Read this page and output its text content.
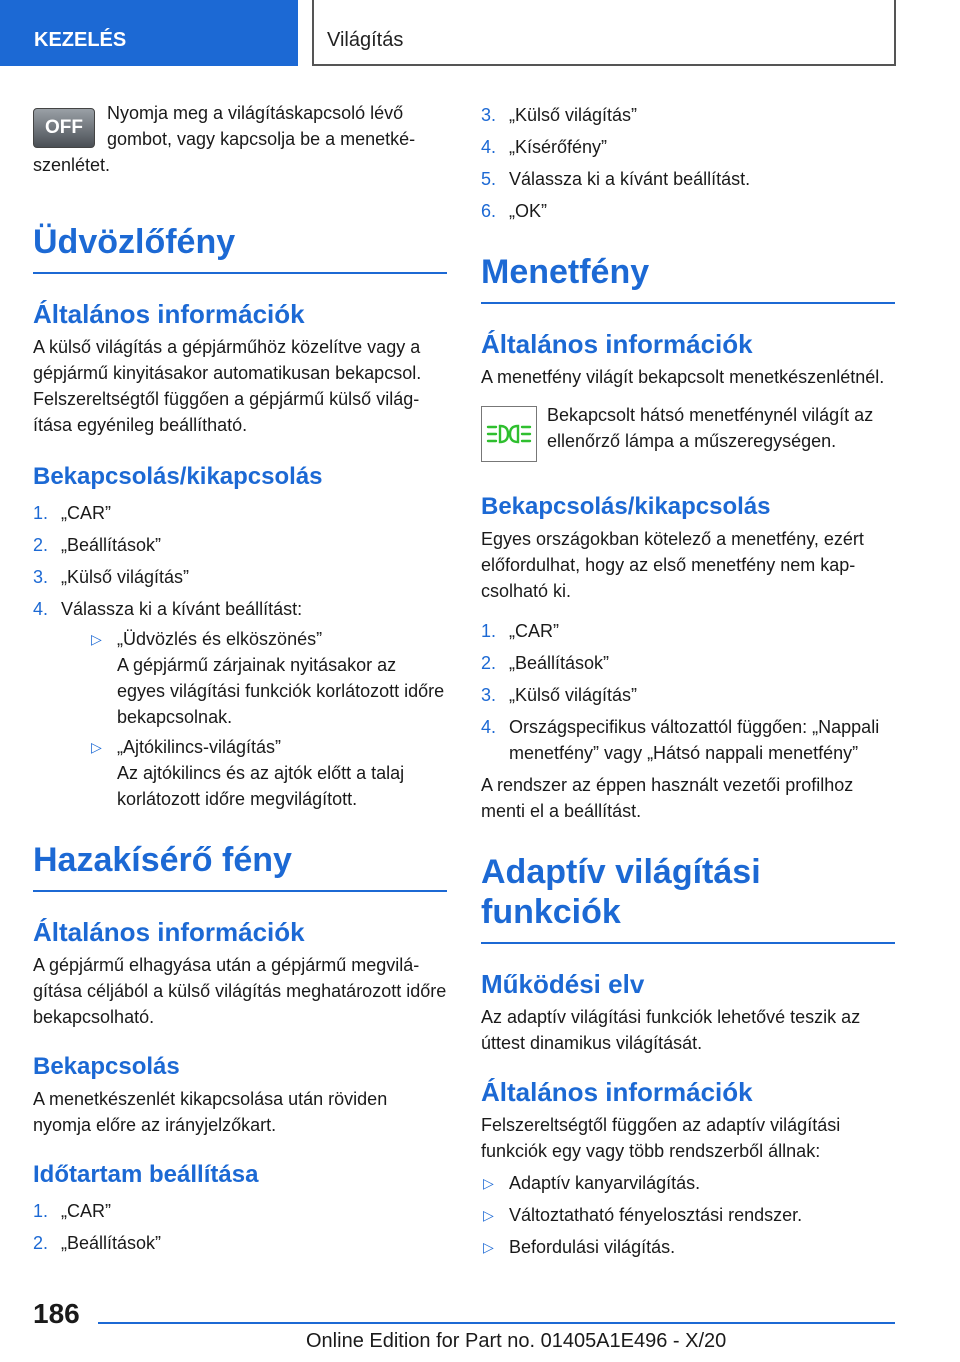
KEZELÉS	Világítás
OFF

Nyomja meg a világításkapcsoló lévő gombot, vagy kapcsolja be a menetké-

szenlétet.

Üdvözlőfény
Általános információk

A külső világítás a gépjárműhöz közelítve vagy a gépjármű kinyitásakor automatikusan bekapcsol. Felszereltségtől függően a gépjármű külső világítása egyénileg beállítható.

Bekapcsolás/kikapcsolás
1. „CAR”
2. „Beállítások”
3. „Külső világítás”
4. Válassza ki a kívánt beállítást:
▷ „Üdvözlés és elköszönés”
A gépjármű zárjainak nyitásakor az egyes világítási funkciók korlátozott időre bekapcsolnak.
▷ „Ajtókilincs-világítás”
Az ajtókilincs és az ajtók előtt a talaj korlátozott időre megvilágított.
Hazakísérő fény
Általános információk

A gépjármű elhagyása után a gépjármű megvilágítása céljából a külső világítás meghatározott időre bekapcsolható.

Bekapcsolás

A menetkészenlét kikapcsolása után röviden nyomja előre az irányjelzőkart.

Időtartam beállítása
1. „CAR”
2. „Beállítások”
3. „Külső világítás”
4. „Kísérőfény”
5. Válassza ki a kívánt beállítást.
6. „OK”
Menetfény
Általános információk

A menetfény világít bekapcsolt menetkészenlétnél.

Bekapcsolt hátsó menetfénynél világít az ellenőrző lámpa a műszeregységen.

Bekapcsolás/kikapcsolás

Egyes országokban kötelező a menetfény, ezért előfordulhat, hogy az első menetfény nem kapcsolható ki.

1. „CAR”
2. „Beállítások”
3. „Külső világítás”
4. Országspecifikus változattól függően: „Nappali menetfény” vagy „Hátsó nappali menetfény”

A rendszer az éppen használt vezetői profilhoz menti el a beállítást.

Adaptív világítási funkciók
Működési elv

Az adaptív világítási funkciók lehetővé teszik az úttest dinamikus világítását.

Általános információk

Felszereltségtől függően az adaptív világítási funkciók egy vagy több rendszerből állnak:

▷ Adaptív kanyarvilágítás.
▷ Változtatható fényelosztási rendszer.
▷ Befordulási világítás.
186
Online Edition for Part no. 01405A1E496 - X/20
